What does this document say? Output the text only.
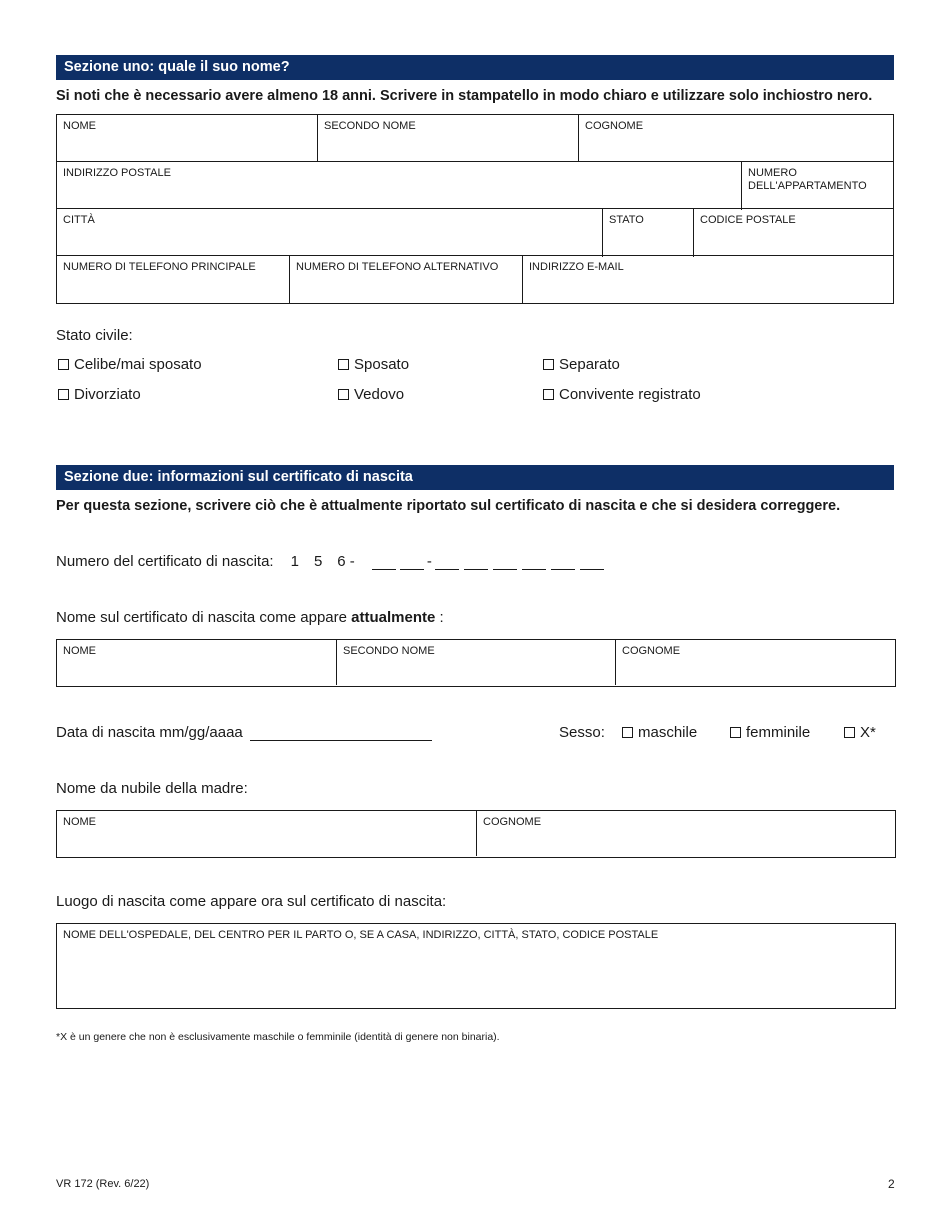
Sezione uno: quale il suo nome?
Si noti che è necessario avere almeno 18 anni. Scrivere in stampatello in modo chiaro e utilizzare solo inchiostro nero.
NOME	SECONDO NOME	COGNOME
INDIRIZZO POSTALE	NUMERO DELL'APPARTAMENTO
CITTÀ	STATO	CODICE POSTALE
NUMERO DI TELEFONO PRINCIPALE	NUMERO DI TELEFONO ALTERNATIVO	INDIRIZZO E-MAIL
Stato civile:
Celibe/mai sposato	Sposato	Separato
Divorziato	Vedovo	Convivente registrato
Sezione due: informazioni sul certificato di nascita
Per questa sezione, scrivere ciò che è attualmente riportato sul certificato di nascita e che si desidera correggere.
Numero del certificato di nascita: 1 5 6 -	-
Nome sul certificato di nascita come appare attualmente :
NOME	SECONDO NOME	COGNOME
Data di nascita mm/gg/aaaa	Sesso: maschile	femminile	X*
Nome da nubile della madre:
NOME	COGNOME
Luogo di nascita come appare ora sul certificato di nascita:
NOME DELL'OSPEDALE, DEL CENTRO PER IL PARTO O, SE A CASA, INDIRIZZO, CITTÀ, STATO, CODICE POSTALE
*X è un genere che non è esclusivamente maschile o femminile (identità di genere non binaria).
VR 172 (Rev. 6/22)	2
